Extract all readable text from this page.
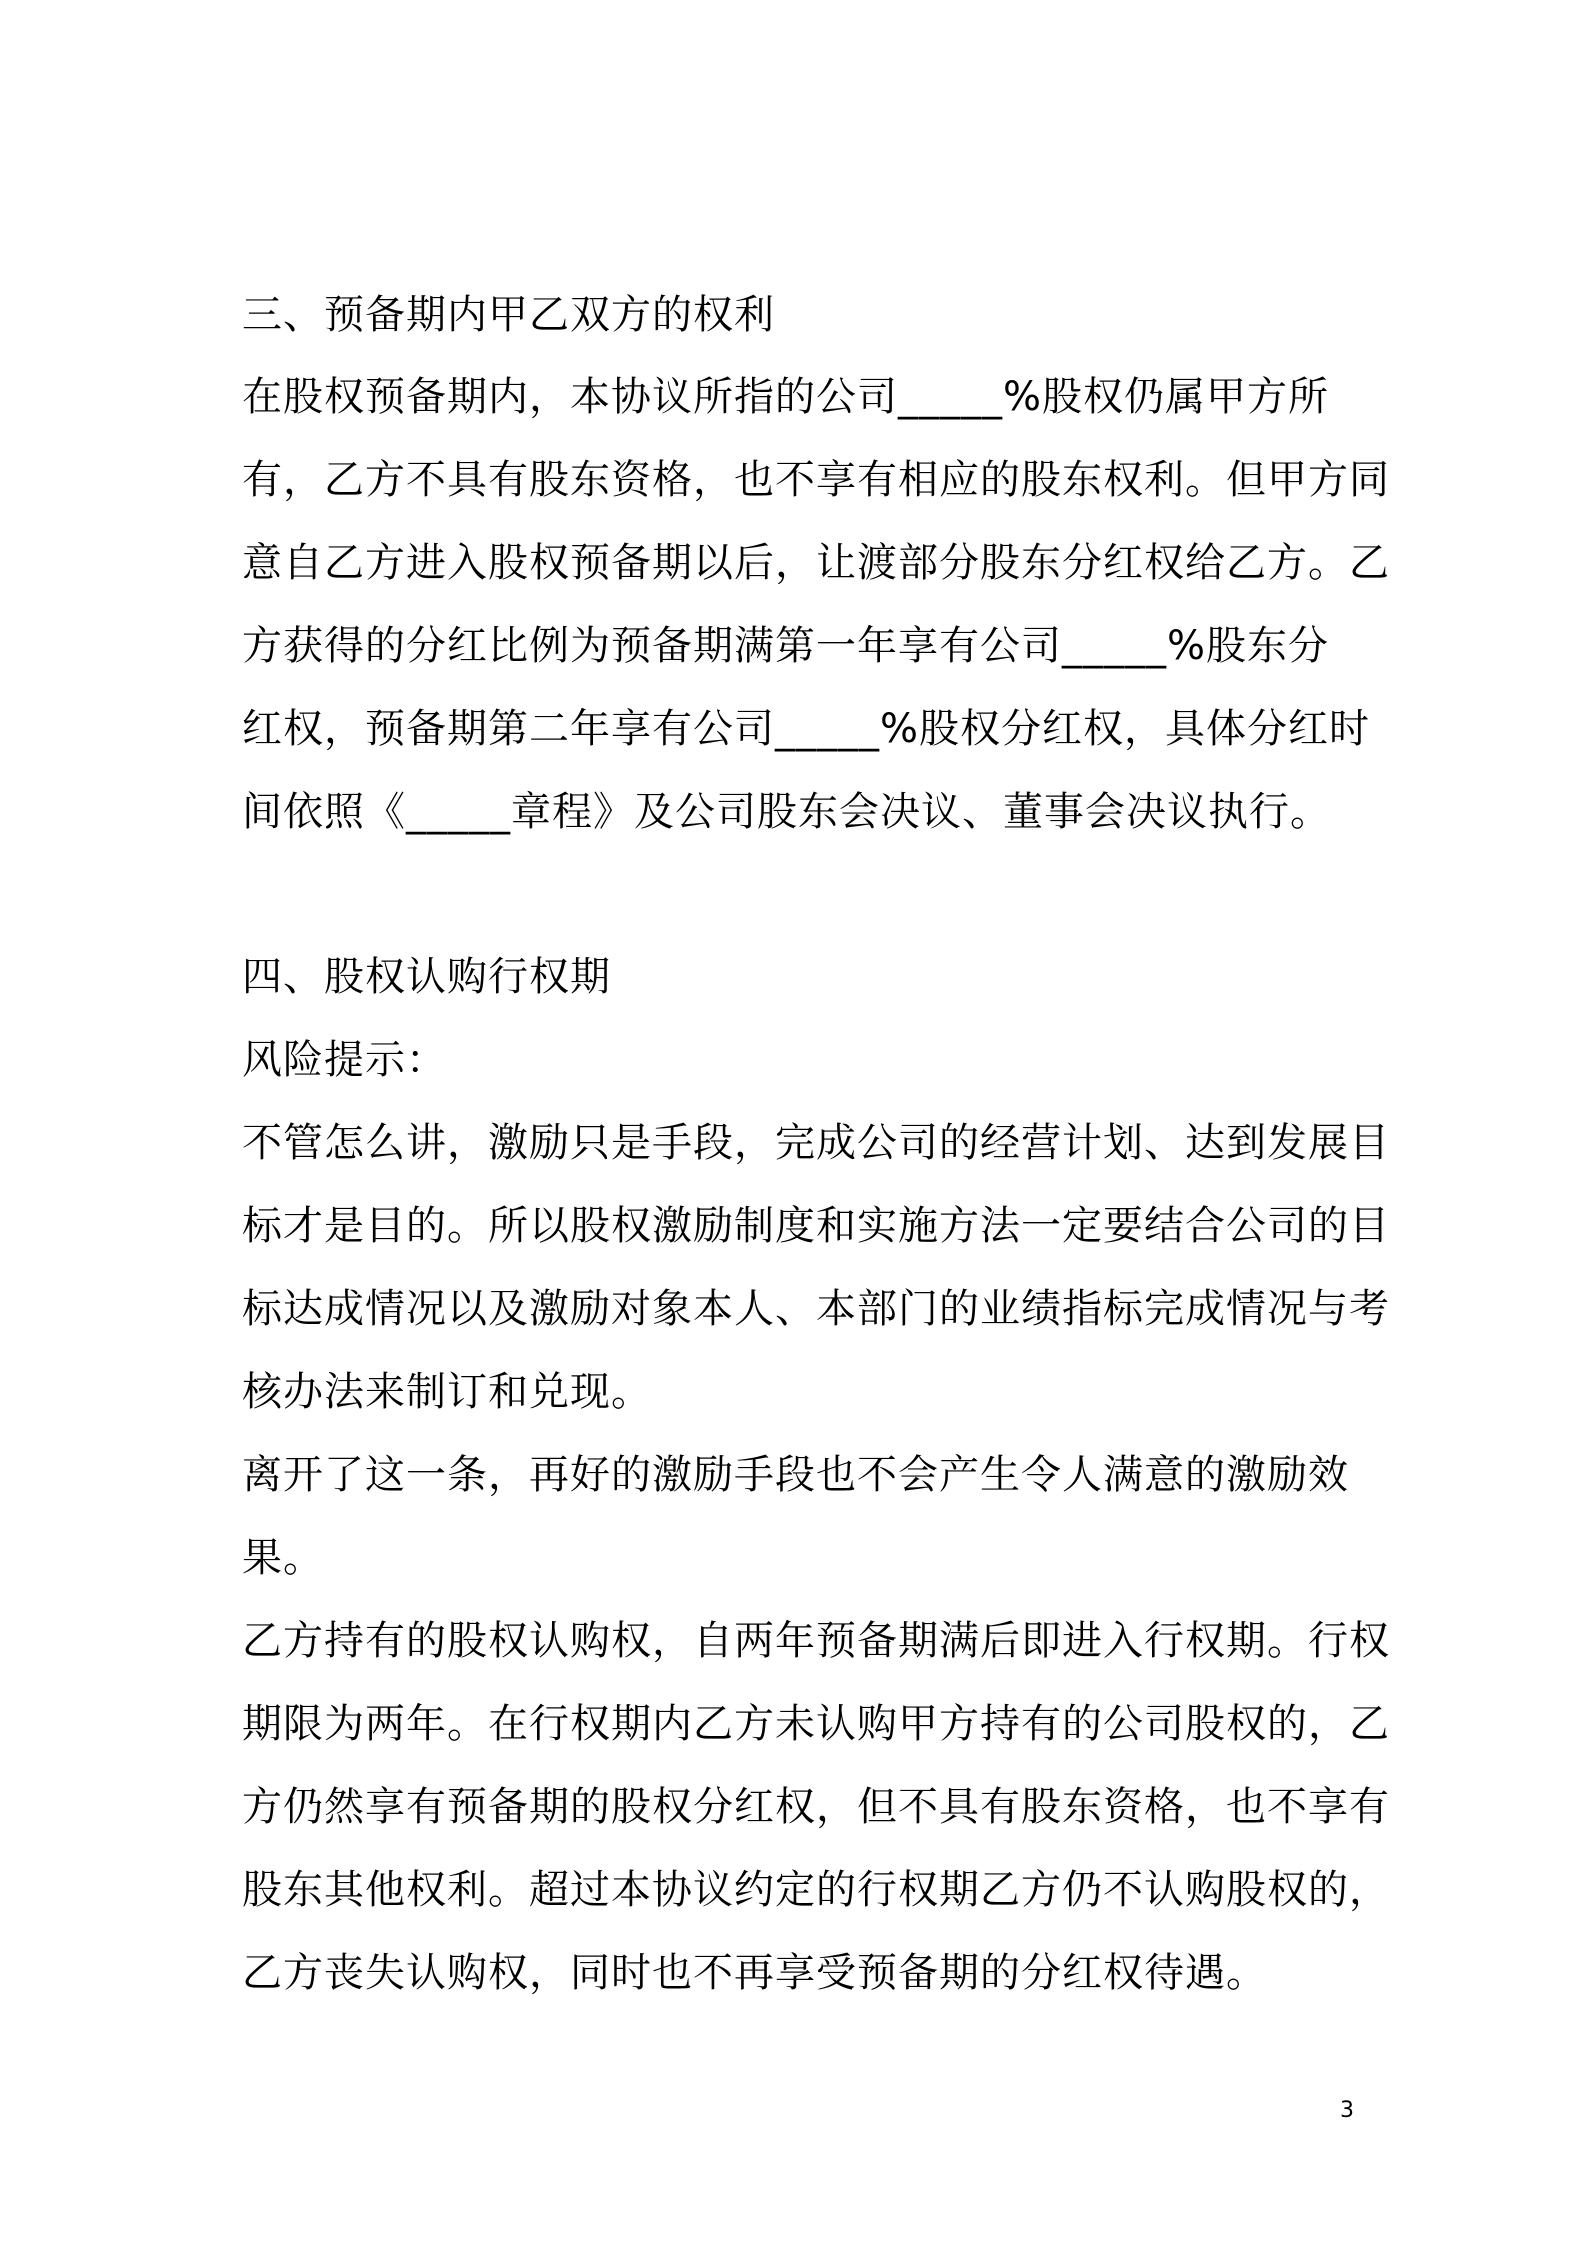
三、预备期内甲乙双方的权利
在股权预备期内，本协议所指的公司_____%股权仍属甲方所
有，乙方不具有股东资格，也不享有相应的股东权利。但甲方同
意自乙方进入股权预备期以后，让渡部分股东分红权给乙方。乙
方获得的分红比例为预备期满第一年享有公司_____%股东分
红权，预备期第二年享有公司_____%股权分红权，具体分红时
间依照《_____章程》及公司股东会决议、董事会决议执行。
四、股权认购行权期
风险提示：
不管怎么讲，激励只是手段，完成公司的经营计划、达到发展目
标才是目的。所以股权激励制度和实施方法一定要结合公司的目
标达成情况以及激励对象本人、本部门的业绩指标完成情况与考
核办法来制订和兑现。
离开了这一条，再好的激励手段也不会产生令人满意的激励效
果。
乙方持有的股权认购权，自两年预备期满后即进入行权期。行权
期限为两年。在行权期内乙方未认购甲方持有的公司股权的，乙
方仍然享有预备期的股权分红权，但不具有股东资格，也不享有
股东其他权利。超过本协议约定的行权期乙方仍不认购股权的，
乙方丧失认购权，同时也不再享受预备期的分红权待遇。
3
